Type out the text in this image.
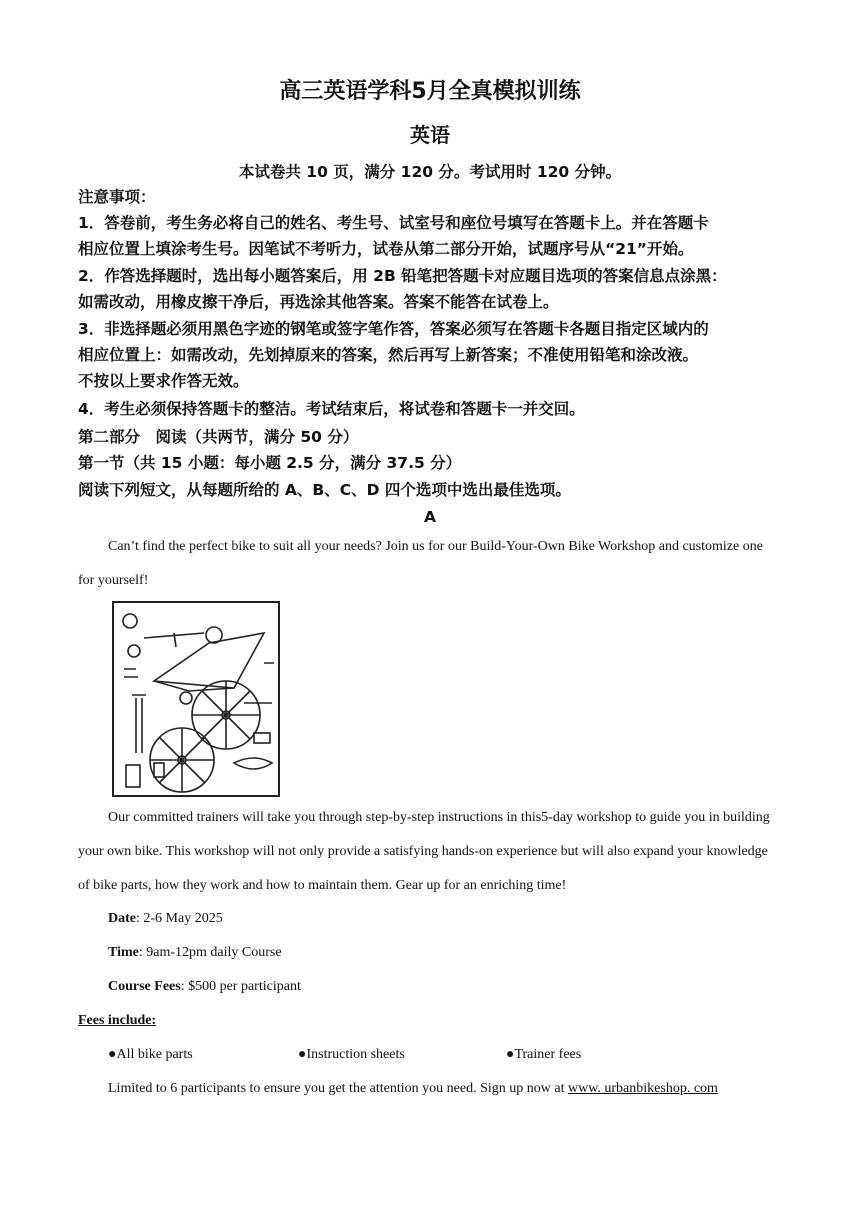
高三英语学科5月全真模拟训练
英语
本试卷共 10 页，满分 120 分。考试用时 120 分钟。
注意事项：
1．答卷前，考生务必将自己的姓名、考生号、试室号和座位号填写在答题卡上。并在答题卡
相应位置上填涂考生号。因笔试不考听力，试卷从第二部分开始，试题序号从“21”开始。
2．作答选择题时，选出每小题答案后，用 2B 铅笔把答题卡对应题目选项的答案信息点涂黑：
如需改动，用橡皮擦干净后，再选涂其他答案。答案不能答在试卷上。
3．非选择题必须用黑色字迹的钢笔或签字笔作答，答案必须写在答题卡各题目指定区域内的
相应位置上：如需改动，先划掉原来的答案，然后再写上新答案；不准使用铅笔和涂改液。
不按以上要求作答无效。
4．考生必须保持答题卡的整洁。考试结束后，将试卷和答题卡一并交回。
第二部分　阅读（共两节，满分 50 分）
第一节（共 15 小题：每小题 2.5 分，满分 37.5 分）
阅读下列短文，从每题所给的 A、B、C、D 四个选项中选出最佳选项。
A
Can’t find the perfect bike to suit all your needs? Join us for our Build-Your-Own Bike Workshop and customize one for yourself!
Our committed trainers will take you through step-by-step instructions in this5-day workshop to guide you in building your own bike. This workshop will not only provide a satisfying hands-on experience but will also expand your knowledge of bike parts, how they work and how to maintain them. Gear up for an enriching time!
Date: 2-6 May 2025
Time: 9am-12pm daily Course
Course Fees: $500 per participant
Fees include:
●All bike parts	●Instruction sheets	●Trainer fees
Limited to 6 participants to ensure you get the attention you need. Sign up now at www. urbanbikeshop. com
